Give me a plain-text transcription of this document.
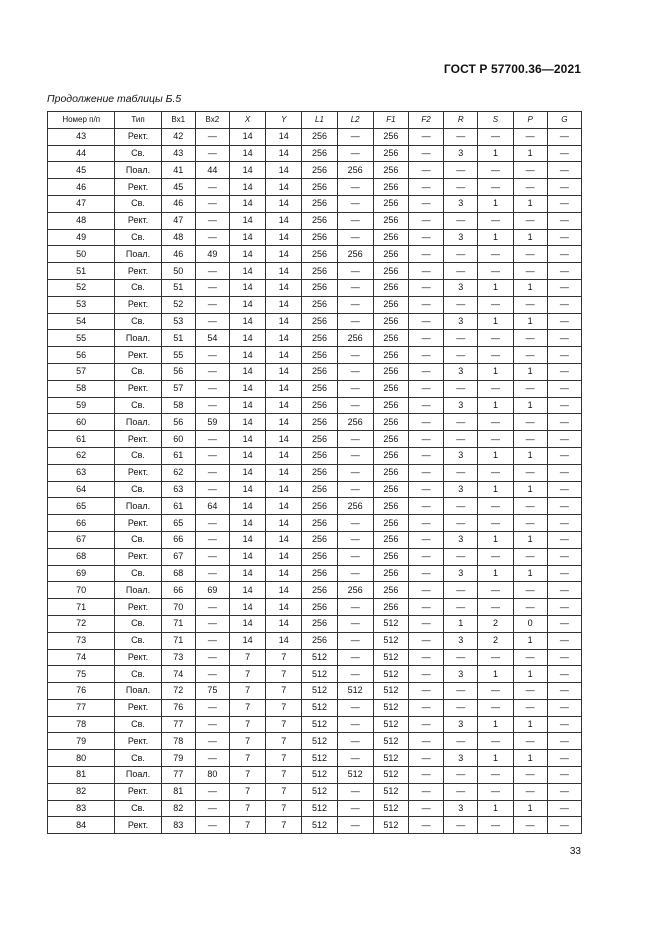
ГОСТ Р 57700.36—2021
Продолжение таблицы Б.5
Номер п/п	Тип	Вх1	Вх2	X	Y	L1	L2	F1	F2	R	S	P	G
43	Рект.	42	—	14	14	256	—	256	—	—	—	—	—
44	Св.	43	—	14	14	256	—	256	—	3	1	1	—
45	Поал.	41	44	14	14	256	256	256	—	—	—	—	—
46	Рект.	45	—	14	14	256	—	256	—	—	—	—	—
47	Св.	46	—	14	14	256	—	256	—	3	1	1	—
48	Рект.	47	—	14	14	256	—	256	—	—	—	—	—
49	Св.	48	—	14	14	256	—	256	—	3	1	1	—
50	Поал.	46	49	14	14	256	256	256	—	—	—	—	—
51	Рект.	50	—	14	14	256	—	256	—	—	—	—	—
52	Св.	51	—	14	14	256	—	256	—	3	1	1	—
53	Рект.	52	—	14	14	256	—	256	—	—	—	—	—
54	Св.	53	—	14	14	256	—	256	—	3	1	1	—
55	Поал.	51	54	14	14	256	256	256	—	—	—	—	—
56	Рект.	55	—	14	14	256	—	256	—	—	—	—	—
57	Св.	56	—	14	14	256	—	256	—	3	1	1	—
58	Рект.	57	—	14	14	256	—	256	—	—	—	—	—
59	Св.	58	—	14	14	256	—	256	—	3	1	1	—
60	Поал.	56	59	14	14	256	256	256	—	—	—	—	—
61	Рект.	60	—	14	14	256	—	256	—	—	—	—	—
62	Св.	61	—	14	14	256	—	256	—	3	1	1	—
63	Рект.	62	—	14	14	256	—	256	—	—	—	—	—
64	Св.	63	—	14	14	256	—	256	—	3	1	1	—
65	Поал.	61	64	14	14	256	256	256	—	—	—	—	—
66	Рект.	65	—	14	14	256	—	256	—	—	—	—	—
67	Св.	66	—	14	14	256	—	256	—	3	1	1	—
68	Рект.	67	—	14	14	256	—	256	—	—	—	—	—
69	Св.	68	—	14	14	256	—	256	—	3	1	1	—
70	Поал.	66	69	14	14	256	256	256	—	—	—	—	—
71	Рект.	70	—	14	14	256	—	256	—	—	—	—	—
72	Св.	71	—	14	14	256	—	512	—	1	2	0	—
73	Св.	71	—	14	14	256	—	512	—	3	2	1	—
74	Рект.	73	—	7	7	512	—	512	—	—	—	—	—
75	Св.	74	—	7	7	512	—	512	—	3	1	1	—
76	Поал.	72	75	7	7	512	512	512	—	—	—	—	—
77	Рект.	76	—	7	7	512	—	512	—	—	—	—	—
78	Св.	77	—	7	7	512	—	512	—	3	1	1	—
79	Рект.	78	—	7	7	512	—	512	—	—	—	—	—
80	Св.	79	—	7	7	512	—	512	—	3	1	1	—
81	Поал.	77	80	7	7	512	512	512	—	—	—	—	—
82	Рект.	81	—	7	7	512	—	512	—	—	—	—	—
83	Св.	82	—	7	7	512	—	512	—	3	1	1	—
84	Рект.	83	—	7	7	512	—	512	—	—	—	—	—
33
